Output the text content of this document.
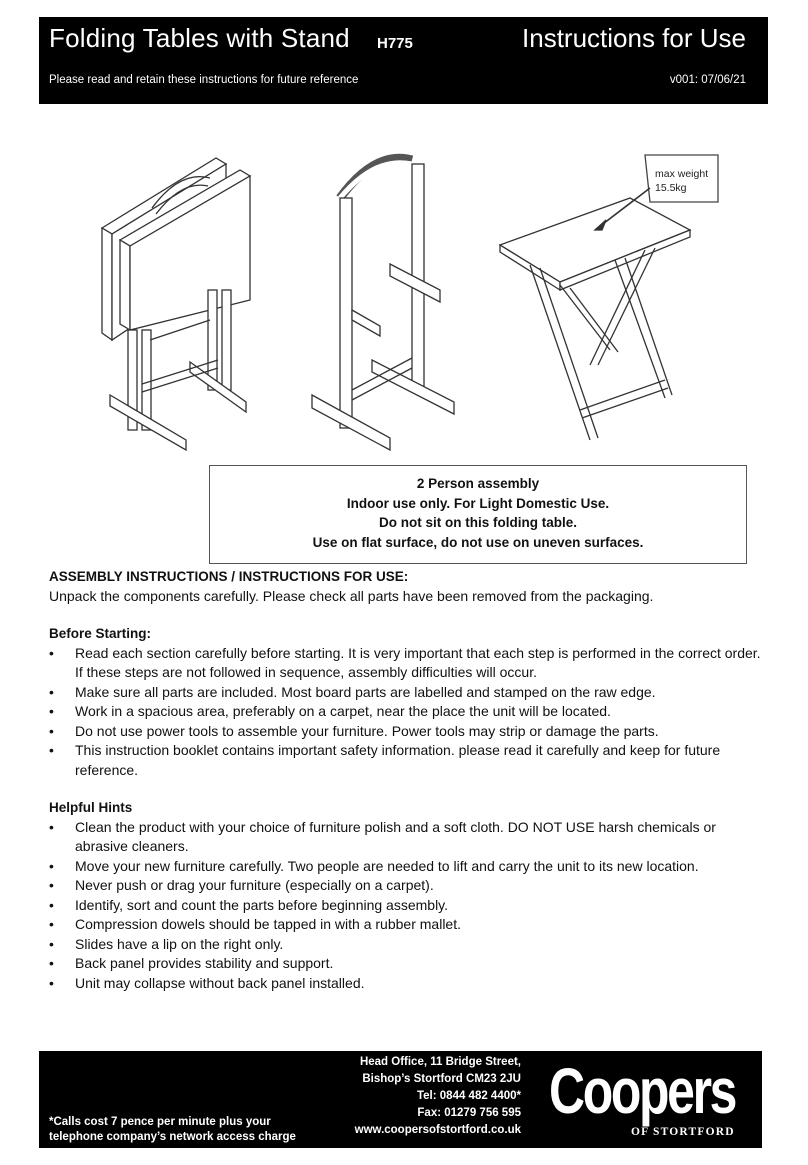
Folding Tables with Stand H775	Instructions for Use
Please read and retain these instructions for future reference	v001: 07/06/21
max weight
15.5kg
2 Person assembly
Indoor use only. For Light Domestic Use.
Do not sit on this folding table.
Use on flat surface, do not use on uneven surfaces.

ASSEMBLY INSTRUCTIONS / INSTRUCTIONS FOR USE:

Unpack the components carefully. Please check all parts have been removed from the packaging.

Before Starting:

• Read each section carefully before starting. It is very important that each step is performed in the correct order. If these steps are not followed in sequence, assembly difficulties will occur.
• Make sure all parts are included. Most board parts are labelled and stamped on the raw edge.
• Work in a spacious area, preferably on a carpet, near the place the unit will be located.
• Do not use power tools to assemble your furniture. Power tools may strip or damage the parts.
• This instruction booklet contains important safety information. please read it carefully and keep for future reference.

Helpful Hints

• Clean the product with your choice of furniture polish and a soft cloth. DO NOT USE harsh chemicals or abrasive cleaners.
• Move your new furniture carefully. Two people are needed to lift and carry the unit to its new location.
• Never push or drag your furniture (especially on a carpet).
• Identify, sort and count the parts before beginning assembly.
• Compression dowels should be tapped in with a rubber mallet.
• Slides have a lip on the right only.
• Back panel provides stability and support.
• Unit may collapse without back panel installed.
Head Office, 11 Bridge Street,
Bishop’s Stortford CM23 2JU
Tel: 0844 482 4400*
Fax: 01279 756 595
www.coopersofstortford.co.uk
*Calls cost 7 pence per minute plus your
telephone company’s network access charge
Coopers
OF STORTFORD
